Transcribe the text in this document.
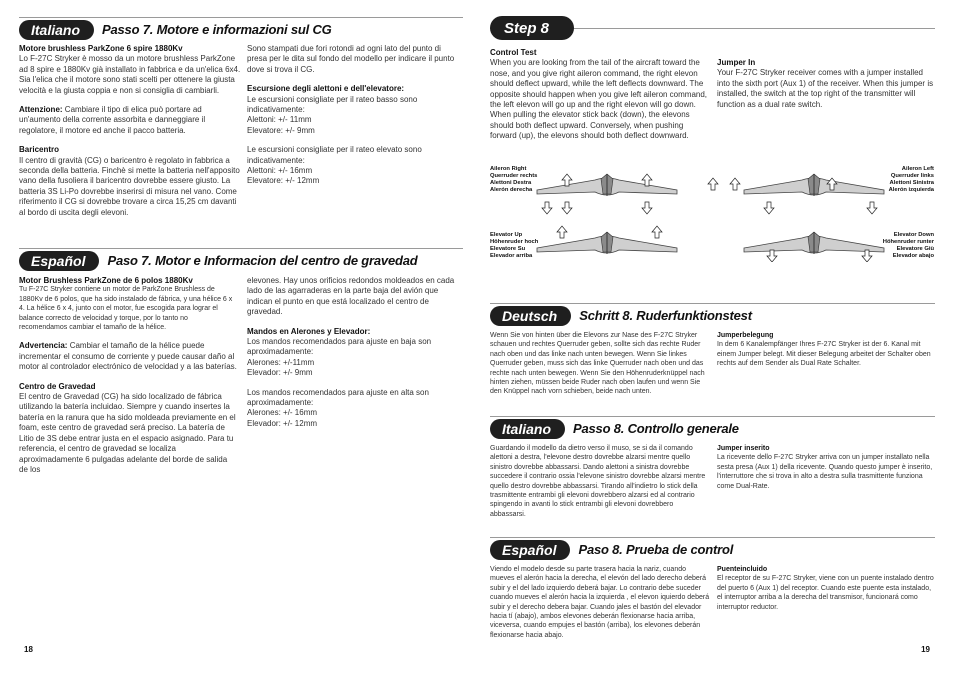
Italiano	Passo 7. Motore e informazioni sul CG

Motore brushless ParkZone 6 spire 1880Kv
Lo F-27C Stryker è mosso da un motore brushless ParkZone ad 8 spire e 1880Kv già installato in fabbrica e da un'elica 6x4. Sia l'elica che il motore sono stati scelti per ottenere la giusta velocità e la giusta coppia e non si consiglia di cambiarli.

Attenzione: Cambiare il tipo di elica può portare ad un'aumento della corrente assorbita e danneggiare il regolatore, il motore ed anche il pacco batteria.

Baricentro
Il centro di gravità (CG) o baricentro è regolato in fabbrica a seconda della batteria. Finchè si mette la batteria nell'apposito vano della fusoliera il baricentro dovrebbe essere giusto. La batteria 3S Li-Po dovrebbe inserirsi di misura nel vano. Come riferimento il CG si dovrebbe trovare a circa 15,25 cm davanti al bordo di uscita degli elevoni.

Sono stampati due fori rotondi ad ogni lato del punto di presa per le dita sul fondo del modello per indicare il punto dove si trova il CG.

Escursione degli alettoni e dell'elevatore:
Le escursioni consigliate per il rateo basso sono indicativamente:
Alettoni: +/- 11mm
Elevatore: +/- 9mm

Le escursioni consigliate per il rateo elevato sono indicativamente:
Alettoni: +/- 16mm
Elevatore: +/- 12mm

Español	Paso 7. Motor e Informacion del centro de gravedad

Motor Brushless ParkZone de 6 polos 1880Kv
Tu F-27C Stryker contiene un motor de ParkZone Brushless de 1880Kv de 6 polos, que ha sido instalado de fábrica, y una hélice 6 x 4. La hélice 6 x 4, junto con el motor, fue escogida para lograr el balance correcto de velocidad y torque, por lo tanto no recomendamos cambiar el tamaño de la hélice.

Advertencia: Cambiar el tamaño de la hélice puede incrementar el consumo de corriente y puede causar daño al motor al controlador electrónico de velocidad y a las baterías.

Centro de Gravedad
El centro de Gravedad (CG) ha sido localizado de fábrica utilizando la batería incluidao. Siempre y cuando insertes la batería en la ranura que ha sido moldeada previamente en el foam, este centro de gravedad será preciso. La batería de Litio de 3S debe entrar justa en el espacio asignado. Para tu referencia, el centro de gravedad se localiza aproximadamente 6 pulgadas adelante del borde de salida de los

elevones. Hay unos orificios redondos moldeados en cada lado de las agarraderas en la parte baja del avión que indican el punto en que está localizado el centro de gravedad.

Mandos en Alerones y Elevador:
Los mandos recomendados para ajuste en baja son aproximadamente:
Alerones: +/-11mm
Elevador: +/- 9mm

Los mandos recomendados para ajuste en alta son aproximadamente:
Alerones: +/- 16mm
Elevador: +/- 12mm

18
Step 8

Control Test
When you are looking from the tail of the aircraft toward the nose, and you give right aileron command, the right elevon should deflect upward, while the left deflects downward. The opposite should happen when you give left aileron command, the left elevon will go up and the right elevon will go down. When pulling the elevator stick back (down), the elevons should both deflect upward. Conversely, when pushing forward (up), the elevons should both deflect downward.

Jumper In
Your F-27C Stryker receiver comes with a jumper installed into the sixth port (Aux 1) of the receiver. When this jumper is installed, the switch at the top right of the transmitter will function as a dual rate switch.

Aileron Right
Querruder rechts
Alettoni Destra
Alerón derecha
Aileron Left
Querruder links
Alettoni Sinistra
Alerón izquierda
Elevator Up
Höhenruder hoch
Elevatore Su
Elevador arriba
Elevator Down
Höhenruder runter
Elevatore Giù
Elevador abajo
Deutsch	Schritt 8. Ruderfunktionstest
Wenn Sie von hinten über die Elevons zur Nase des F-27C Stryker schauen und rechtes Querruder geben, sollte sich das rechte Ruder nach oben und das linke nach unten bewegen. Wenn Sie linkes Querruder geben, muss sich das linke Querruder nach oben und das rechte nach unten bewegen. Wenn Sie den Höhenruderknüppel nach hinten ziehen, müssen beide Ruder nach oben laufen und wenn Sie den Knüppel nach vorn schieben, beide nach unten.
Jumperbelegung
In dem 6 Kanalempfänger Ihres F-27C Stryker ist der 6. Kanal mit einem Jumper belegt. Mit dieser Belegung arbeitet der Schalter oben rechts auf dem Sender als Dual Rate Schalter.
Italiano	Passo 8. Controllo generale
Guardando il modello da dietro verso il muso, se si da il comando alettoni a destra, l'elevone destro dovrebbe alzarsi mentre quello sinistro dovrebbe abbassarsi. Dando alettoni a sinistra dovrebbe succedere il contrario ossia l'elevone sinistro dovrebbe alzarsi mentre quello destro dovrebbe abbassarsi. Tirando all'indietro lo stick della trasmittente entrambi gli elevoni dovrebbero alzarsi ed al contrario spingendo in avanti lo stick entrambi gli elevoni dovrebbero abbassarsi.
Jumper inserito
La ricevente dello F-27C Stryker arriva con un jumper installato nella sesta presa (Aux 1) della ricevente. Quando questo jumper è inserito, l'interruttore che si trova in alto a destra sulla trasmittente funziona come Dual-Rate.
Español	Paso 8. Prueba de control
Viendo el modelo desde su parte trasera hacia la nariz, cuando mueves el alerón hacia la derecha, el elevón del lado derecho deberá subir y el del lado izquierdo deberá bajar. Lo contrario debe suceder cuando mueves el alerón hacia la izquierda , el elevon iquierdo deberá subir y el derecho debera bajar. Cuando jales el bastón del elevador hacia tí (abajo), ambos elevones deberán flexionarse hacia arriba, viceversa, cuando empujes el bastón (arriba), los elevones deberán flexionarse hacia abajo.
Puenteincluido
El receptor de su F-27C Stryker, viene con un puente instalado dentro del puerto 6 (Aux 1) del receptor. Cuando este puente esta instalado, el interruptor arriba a la derecha del transmisor, funcionará como interruptor reductor.
19
